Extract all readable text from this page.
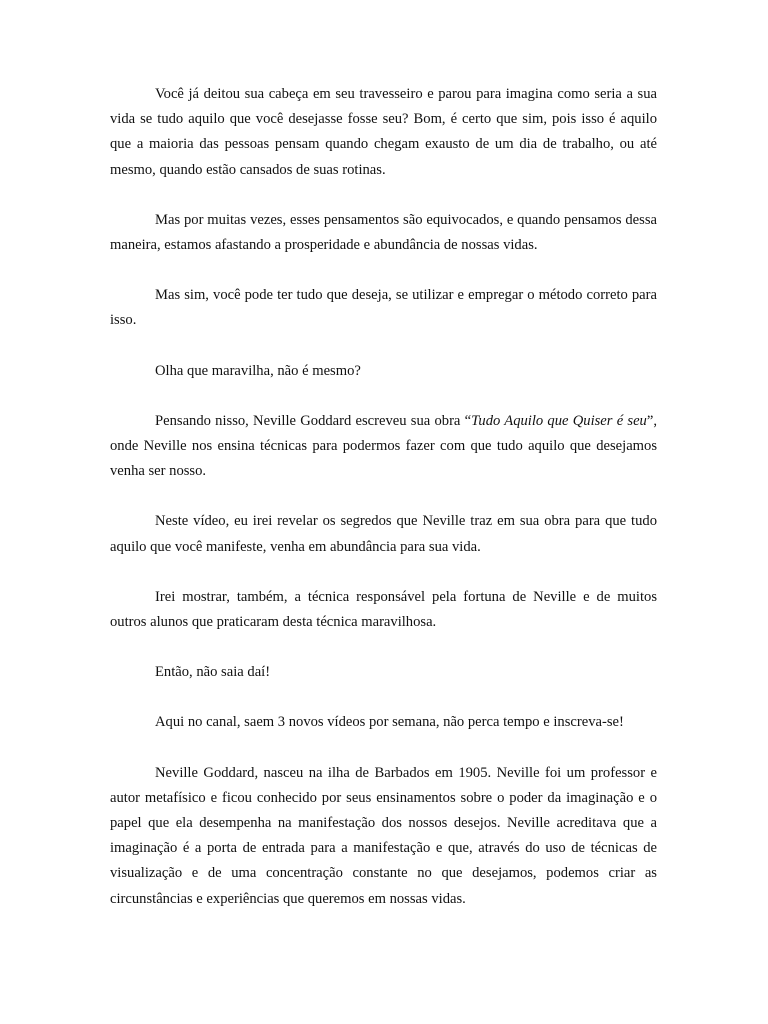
Você já deitou sua cabeça em seu travesseiro e parou para imagina como seria a sua vida se tudo aquilo que você desejasse fosse seu? Bom, é certo que sim, pois isso é aquilo que a maioria das pessoas pensam quando chegam exausto de um dia de trabalho, ou até mesmo, quando estão cansados de suas rotinas.

Mas por muitas vezes, esses pensamentos são equivocados, e quando pensamos dessa maneira, estamos afastando a prosperidade e abundância de nossas vidas.

Mas sim, você pode ter tudo que deseja, se utilizar e empregar o método correto para isso.

Olha que maravilha, não é mesmo?

Pensando nisso, Neville Goddard escreveu sua obra “Tudo Aquilo que Quiser é seu”, onde Neville nos ensina técnicas para podermos fazer com que tudo aquilo que desejamos venha ser nosso.

Neste vídeo, eu irei revelar os segredos que Neville traz em sua obra para que tudo aquilo que você manifeste, venha em abundância para sua vida.

Irei mostrar, também, a técnica responsável pela fortuna de Neville e de muitos outros alunos que praticaram desta técnica maravilhosa.

Então, não saia daí!

Aqui no canal, saem 3 novos vídeos por semana, não perca tempo e inscreva-se!

Neville Goddard, nasceu na ilha de Barbados em 1905. Neville foi um professor e autor metafísico e ficou conhecido por seus ensinamentos sobre o poder da imaginação e o papel que ela desempenha na manifestação dos nossos desejos. Neville acreditava que a imaginação é a porta de entrada para a manifestação e que, através do uso de técnicas de visualização e de uma concentração constante no que desejamos, podemos criar as circunstâncias e experiências que queremos em nossas vidas.
